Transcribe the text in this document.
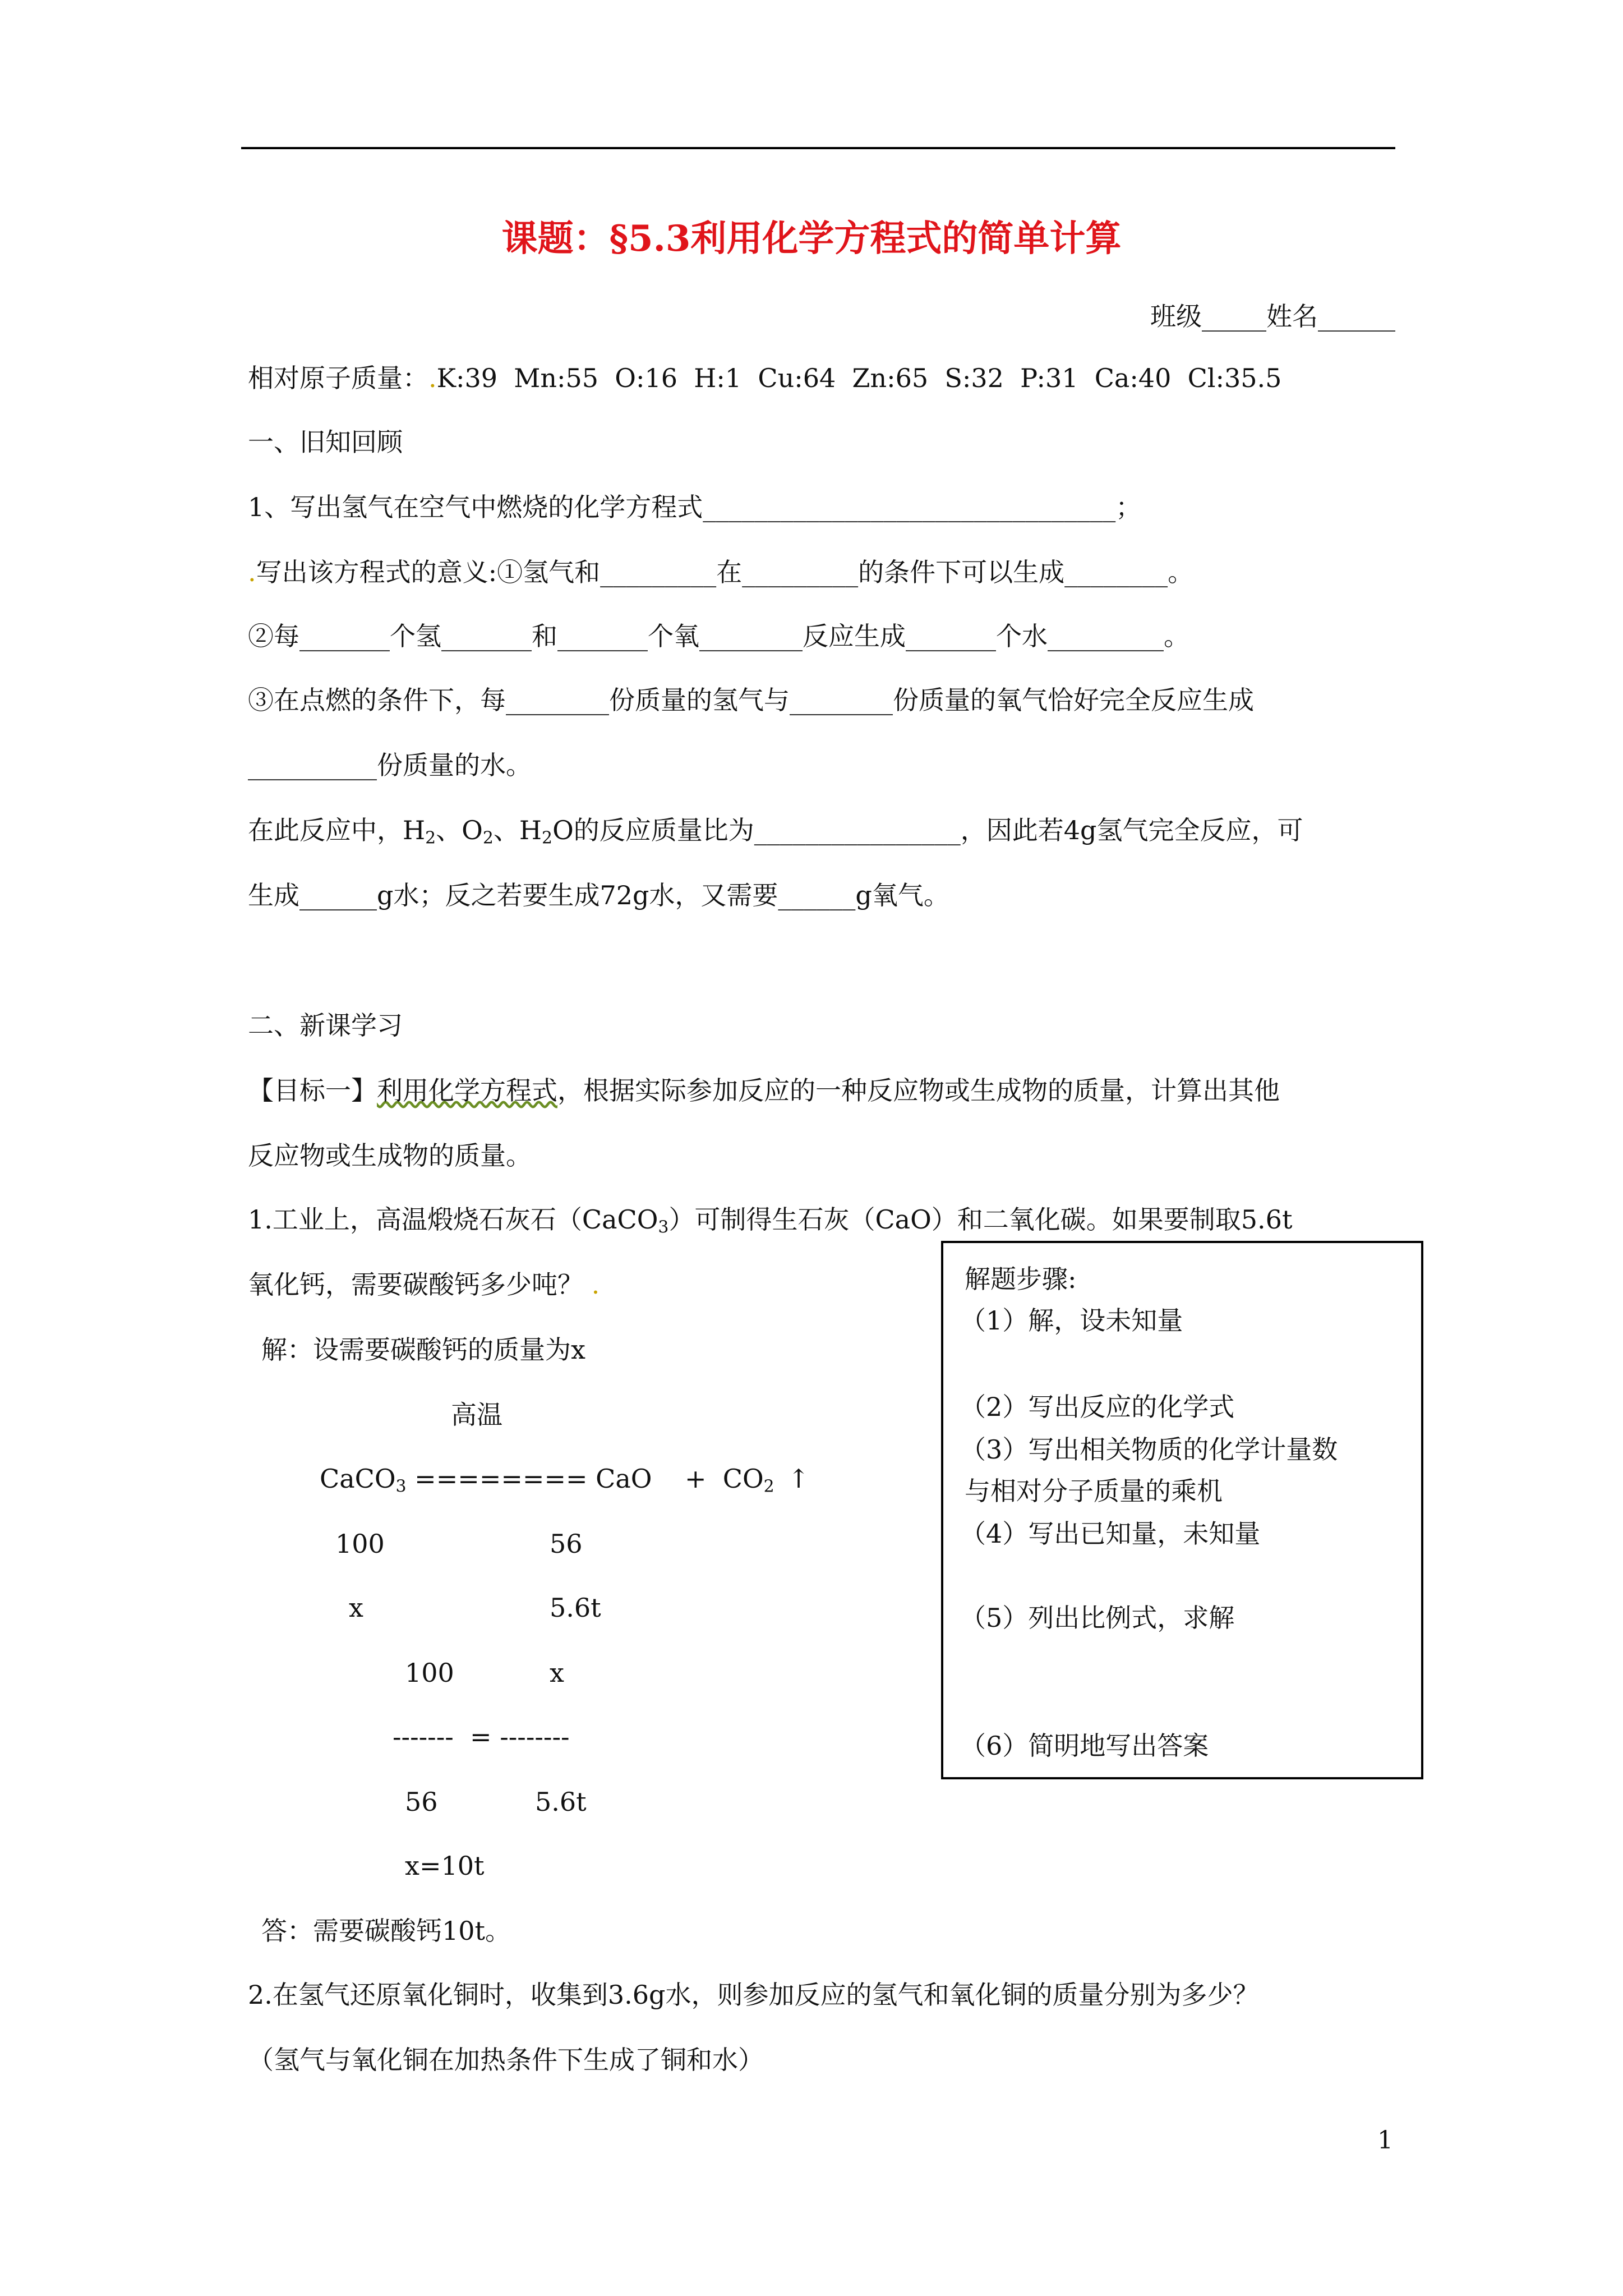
课题：§5.3利用化学方程式的简单计算
班级_____姓名______
相对原子质量：.K:39  Mn:55  O:16  H:1  Cu:64  Zn:65  S:32  P:31  Ca:40  Cl:35.5
一、旧知回顾
1、写出氢气在空气中燃烧的化学方程式________________________________；
.写出该方程式的意义:①氢气和_________在_________的条件下可以生成________。
②每_______个氢_______和_______个氧________反应生成_______个水_________。
③在点燃的条件下，每________份质量的氢气与________份质量的氧气恰好完全反应生成
__________份质量的水。
在此反应中，$H_2$、$O_2$、$H_2O$的反应质量比为________________，因此若4g氢气完全反应，可
生成______g水；反之若要生成72g水，又需要______g氧气。
二、新课学习
【目标一】利用化学方程式，根据实际参加反应的一种反应物或生成物的质量，计算出其他
反应物或生成物的质量。
1.工业上，高温煅烧石灰石（CaCO$_3$）可制得生石灰（CaO）和二氧化碳。如果要制取5.6t
氧化钙，需要碳酸钙多少吨？ .
解：设需要碳酸钙的质量为x
高温
CaCO$_3$ ======== CaO    +  $CO_2$ ↑
100	56
x	5.6t
100	x
-------  = --------
56	5.6t
x=10t
答：需要碳酸钙10t。
2.在氢气还原氧化铜时，收集到3.6g水，则参加反应的氢气和氧化铜的质量分别为多少？
（氢气与氧化铜在加热条件下生成了铜和水）
解题步骤:
（1）解，设未知量
（2）写出反应的化学式
（3）写出相关物质的化学计量数
与相对分子质量的乘机
（4）写出已知量，未知量
（5）列出比例式，求解
（6）简明地写出答案
1
